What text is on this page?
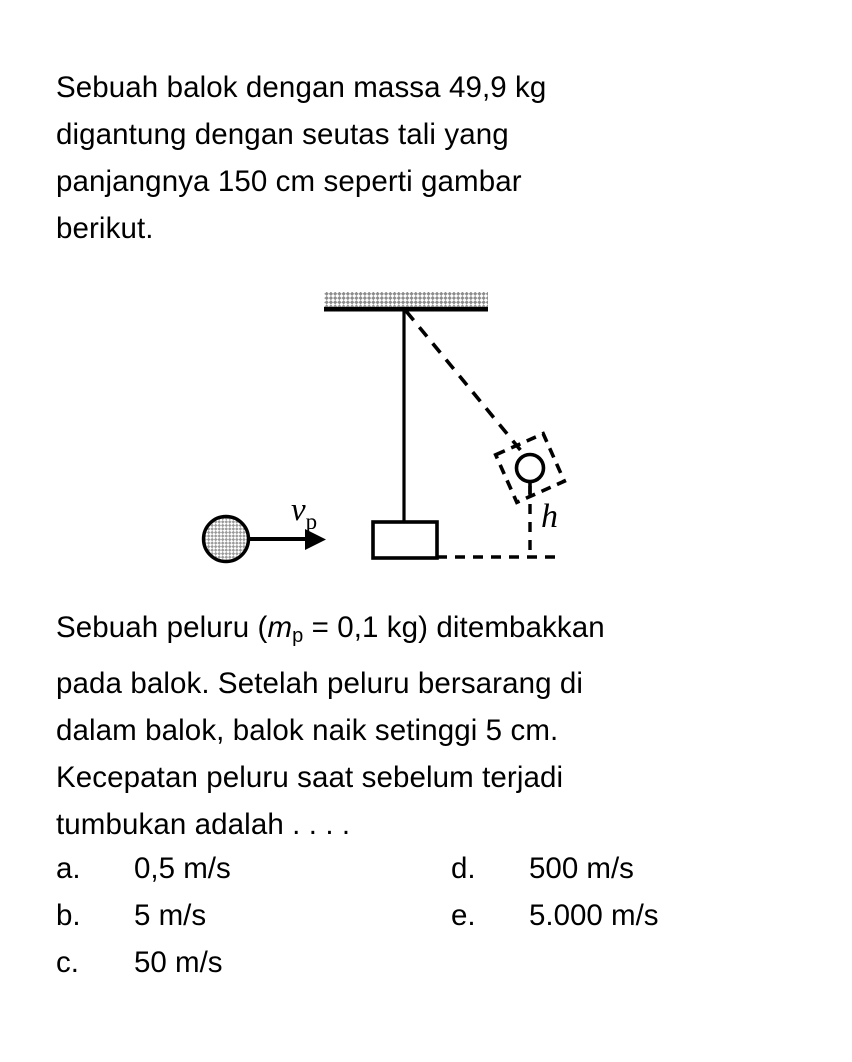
Sebuah balok dengan massa 49,9 kg
digantung dengan seutas tali yang
panjangnya 150 cm seperti gambar
berikut.
$v_p$	h
Sebuah peluru ($m_p = 0,1$ kg) ditembakkan
pada balok. Setelah peluru bersarang di
dalam balok, balok naik setinggi 5 cm.
Kecepatan peluru saat sebelum terjadi
tumbukan adalah . . . .
a.	0,5 m/s
b.	5 m/s
c.	50 m/s
d.	500 m/s
e.	5.000 m/s
